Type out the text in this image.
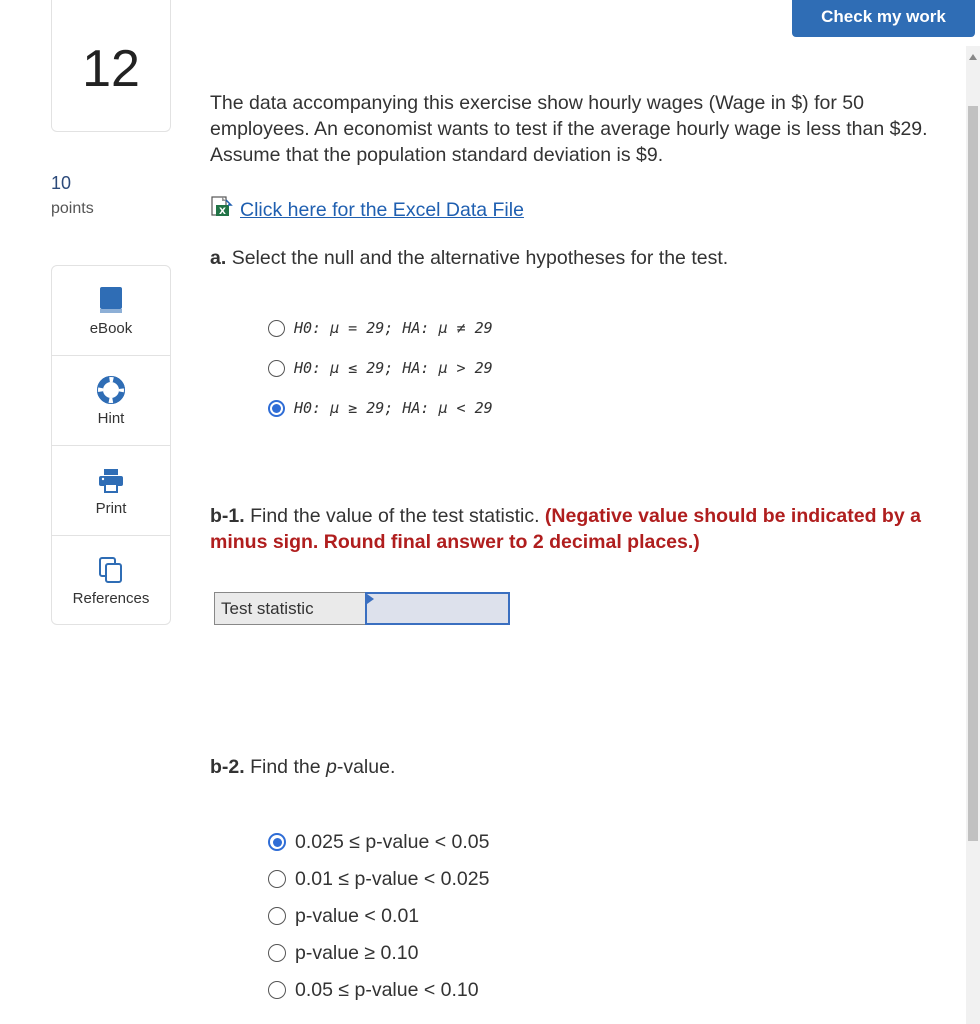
Check my work
12
10
points
eBook
Hint
Print
References
The data accompanying this exercise show hourly wages (Wage in $) for 50 employees. An economist wants to test if the average hourly wage is less than $29. Assume that the population standard deviation is $9.
X Click here for the Excel Data File
a. Select the null and the alternative hypotheses for the test.
H0: μ = 29;
HA: μ ≠ 29
H0: μ ≤ 29;
HA: μ > 29
H0: μ ≥ 29;
HA: μ < 29
b-1. Find the value of the test statistic. (Negative value should be indicated by a minus sign. Round final answer to 2 decimal places.)
Test statistic
b-2. Find the p-value.
0.025 ≤ p-value < 0.05
0.01 ≤ p-value < 0.025
p-value < 0.01
p-value ≥ 0.10
0.05 ≤ p-value < 0.10
